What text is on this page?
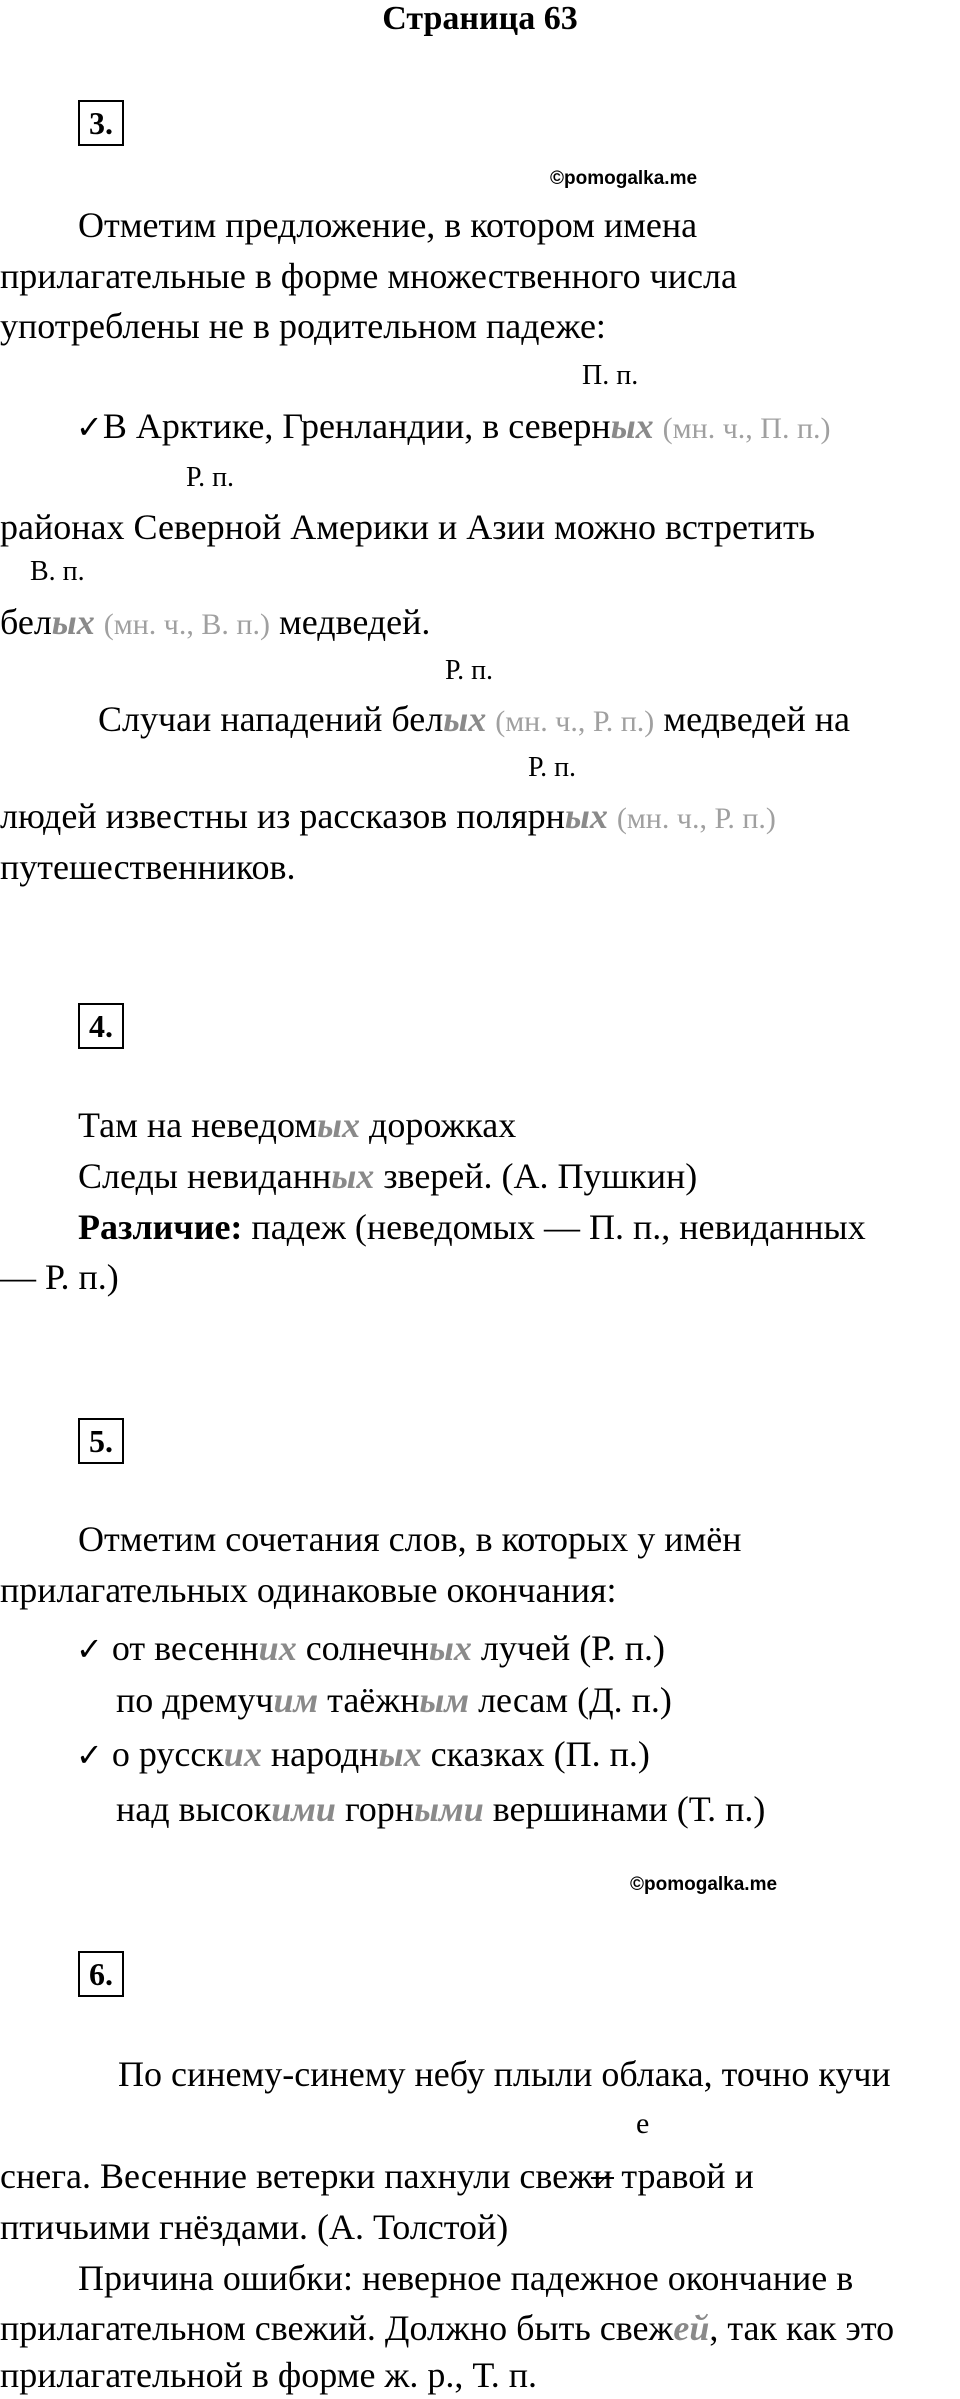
Страница 63
3.
©pomogalka.me
Отметим предложение, в котором имена
прилагательные в форме множественного числа
употреблены не в родительном падеже:
П. п.
✓В Арктике, Гренландии, в северных (мн. ч., П. п.)
Р. п.
районах Северной Америки и Азии можно встретить
В. п.
белых (мн. ч., В. п.) медведей.
Р. п.
Случаи нападений белых (мн. ч., Р. п.) медведей на
Р. п.
людей известны из рассказов полярных (мн. ч., Р. п.)
путешественников.
4.
Там на неведомых дорожках
Следы невиданных зверей. (А. Пушкин)
Различие: падеж (неведомых — П. п., невиданных
— Р. п.)
5.
Отметим сочетания слов, в которых у имён
прилагательных одинаковые окончания:
✓ от весенних солнечных лучей (Р. п.)
по дремучим таёжным лесам (Д. п.)
✓ о русских народных сказках (П. п.)
над высокими горными вершинами (Т. п.)
©pomogalka.me
6.
По синему-синему небу плыли облака, точно кучи
е
снега. Весенние ветерки пахнули свежи травой и
птичьими гнёздами. (А. Толстой)
Причина ошибки: неверное падежное окончание в
прилагательном свежий. Должно быть свежей, так как это
прилагательной в форме ж. р., Т. п.
